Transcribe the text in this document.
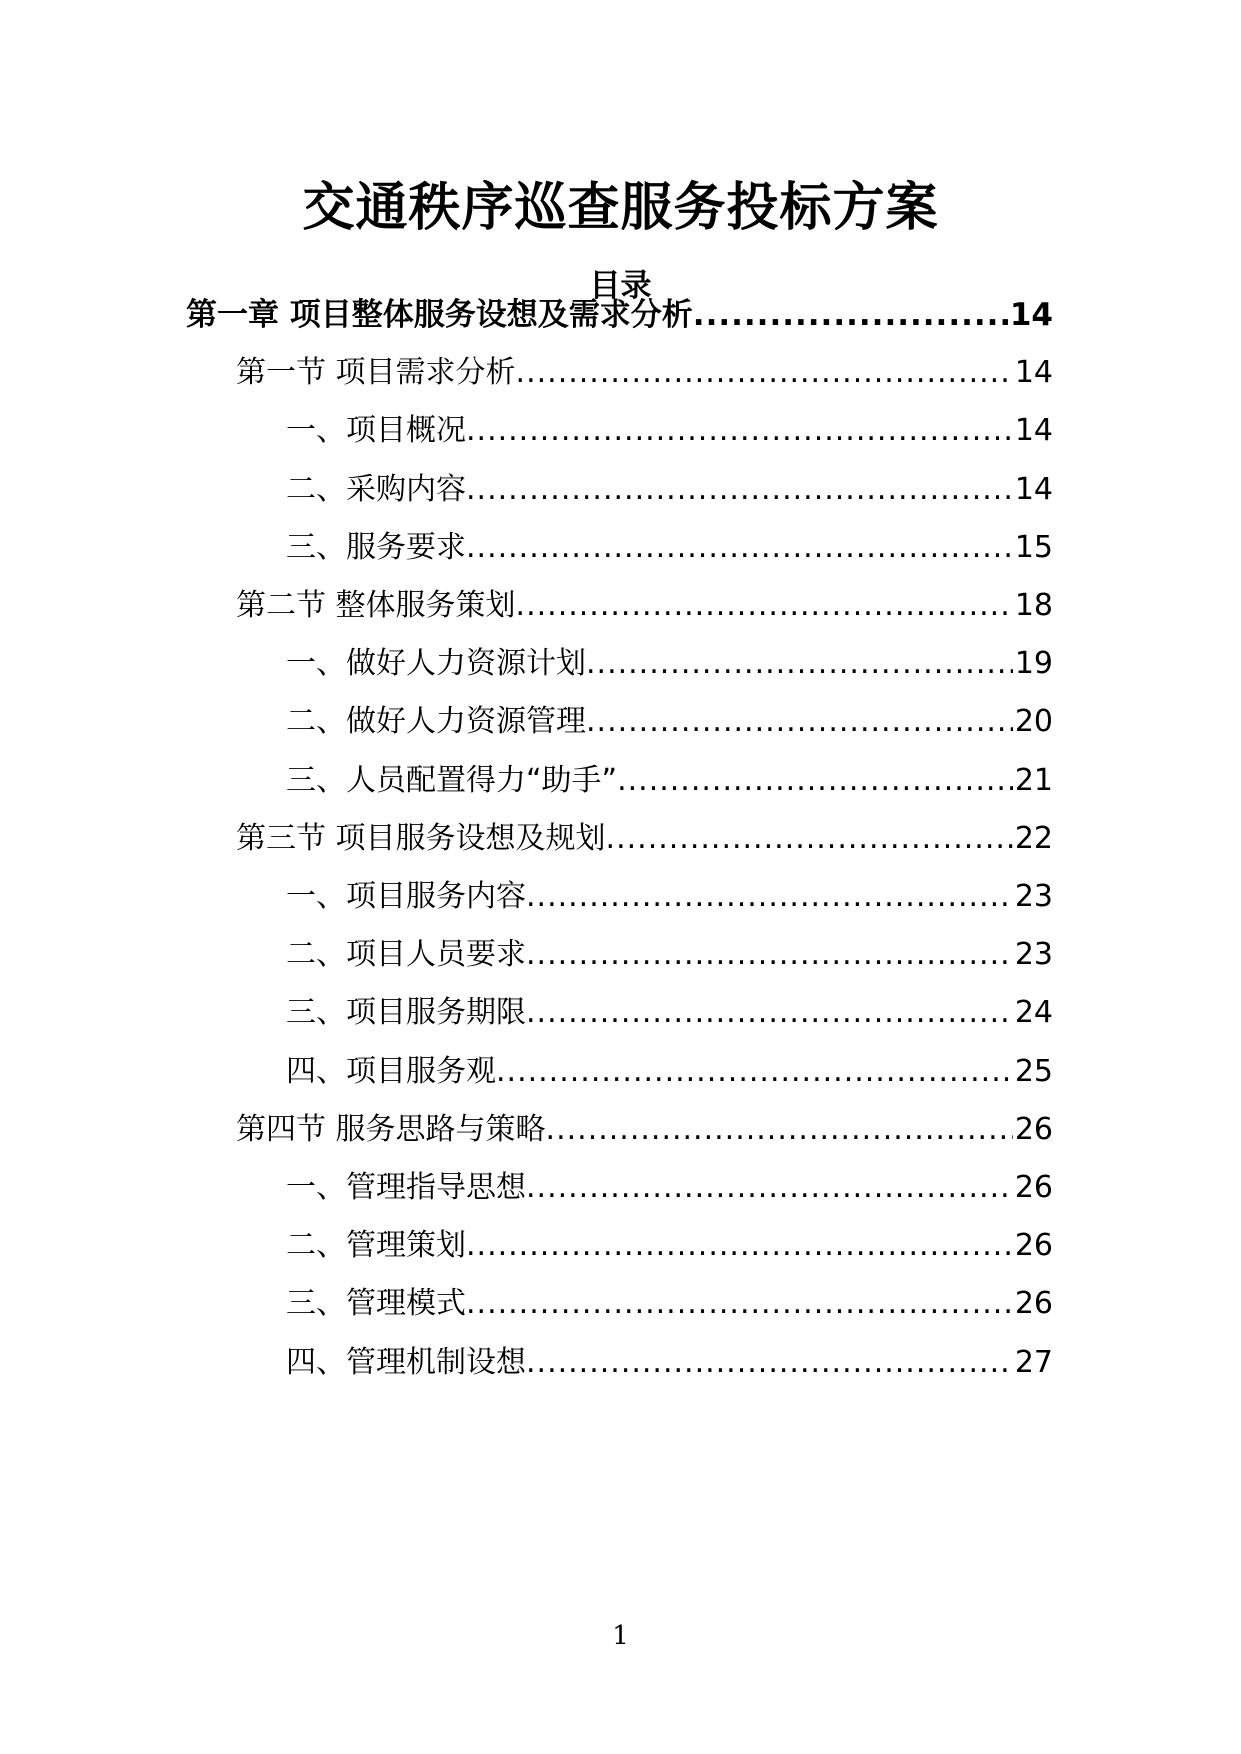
交通秩序巡查服务投标方案
目录
第一章 项目整体服务设想及需求分析 .....	14
第一节 项目需求分析 .....	14
一、项目概况 .....	14
二、采购内容 .....	14
三、服务要求 .....	15
第二节 整体服务策划 .....	18
一、做好人力资源计划 .....	19
二、做好人力资源管理 .....	20
三、人员配置得力“助手” .....	21
第三节 项目服务设想及规划 .....	22
一、项目服务内容 .....	23
二、项目人员要求 .....	23
三、项目服务期限 .....	24
四、项目服务观 .....	25
第四节 服务思路与策略 .....	26
一、管理指导思想 .....	26
二、管理策划 .....	26
三、管理模式 .....	26
四、管理机制设想 .....	27
1
